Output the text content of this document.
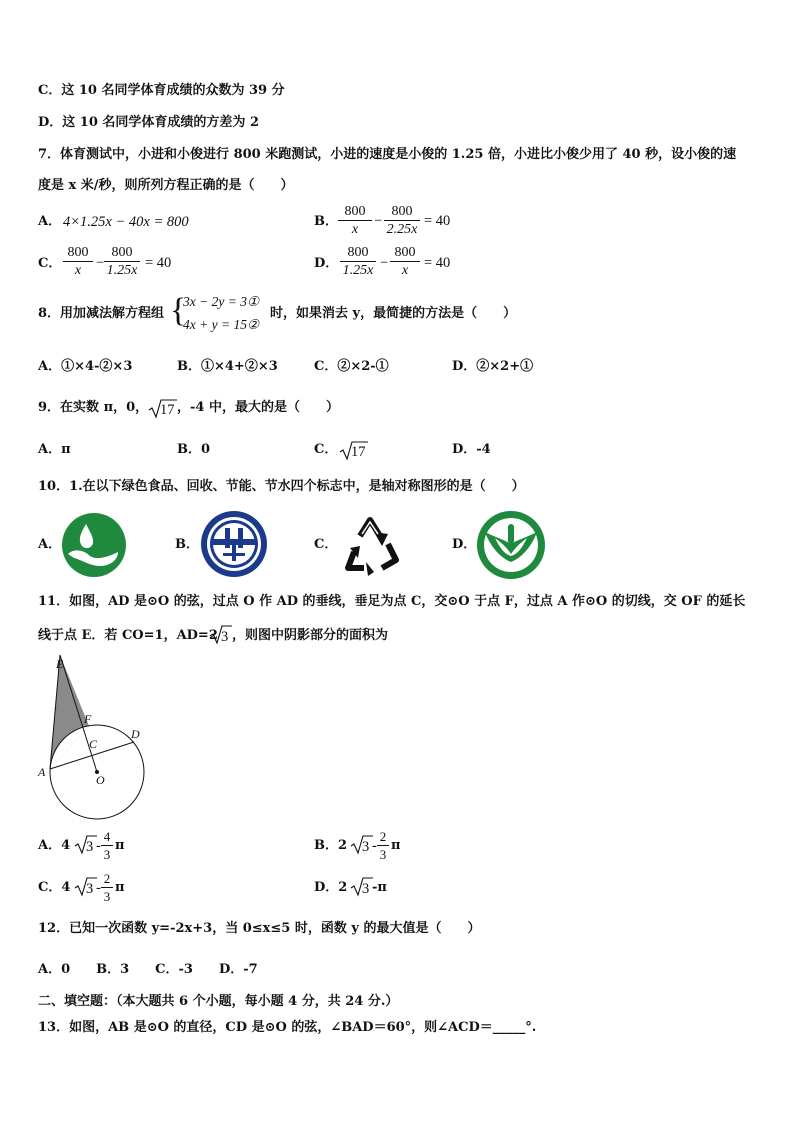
C．这 10 名同学体育成绩的众数为 39 分
D．这 10 名同学体育成绩的方差为 2
7．体育测试中，小进和小俊进行 800 米跑测试，小进的速度是小俊的 1.25 倍，小进比小俊少用了 40 秒，设小俊的速
度是 x 米/秒，则所列方程正确的是（　　）
A． 4×1.25x − 40x = 800	B． $\frac{800}{x} - \frac{800}{2.25x} = 40$
C． $\frac{800}{x} - \frac{800}{1.25x} = 40$	D． $\frac{800}{1.25x} - \frac{800}{x} = 40$
8．用加减法解方程组 {
3x − 2y = 3①
4x + y = 15②
时，如果消去 y，最简捷的方法是（　　）
A．①×4-②×3	B．①×4+②×3	C．②×2-①	D．②×2+①
9．在实数 π，0， 17 ，-4 中，最大的是（　　）
A．π	B．0	C． 17	D．-4
10．1.在以下绿色食品、回收、节能、节水四个标志中，是轴对称图形的是（　　）
A．	B．	C．	D．
11．如图，AD 是⊙O 的弦，过点 O 作 AD 的垂线，垂足为点 C，交⊙O 于点 F，过点 A 作⊙O 的切线，交 OF 的延长
线于点 E．若 CO=1，AD=2 3 ，则图中阴影部分的面积为
E
F
C
D
A
O
A．4 $3 - \frac{4}{3}$ π	B．2 $3 - \frac{2}{3}$ π
C．4 $3 - \frac{2}{3}$ π	D．2 3 -π
12．已知一次函数 y=-2x+3，当 0≤x≤5 时，函数 y 的最大值是（　　）
A．0　　B．3　　C．-3　　D．-7
二、填空题：（本大题共 6 个小题，每小题 4 分，共 24 分.）
13．如图，AB 是⊙O 的直径，CD 是⊙O 的弦，∠BAD＝60°，则∠ACD＝_____°.
